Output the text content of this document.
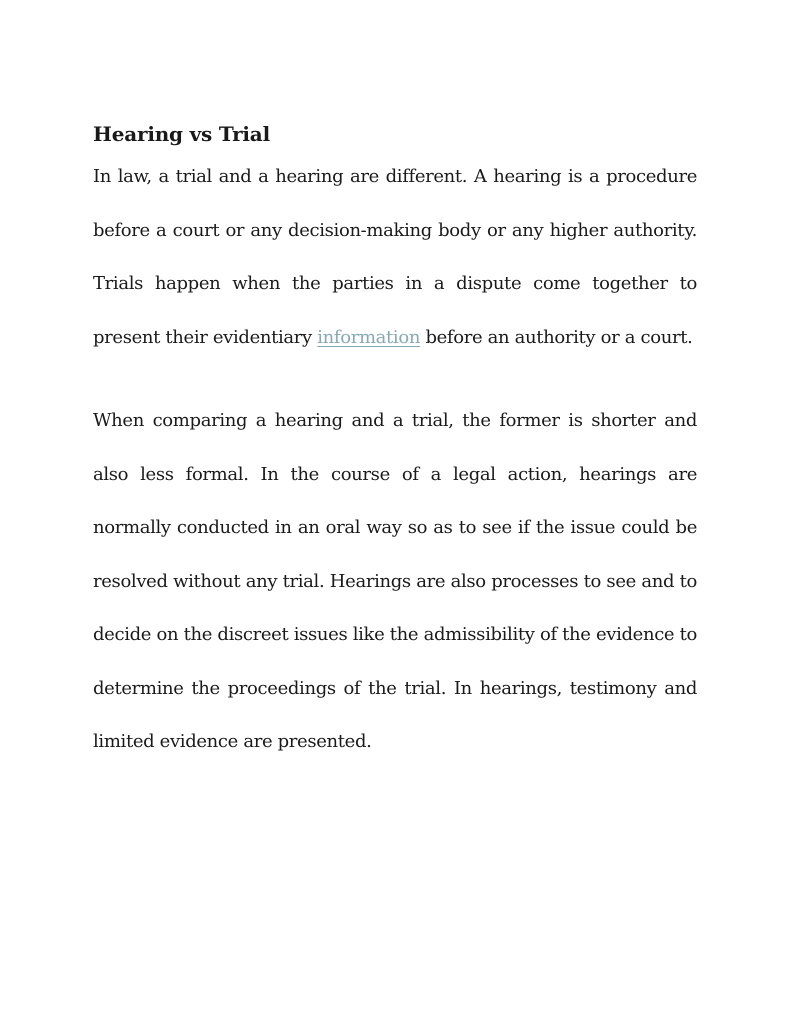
Hearing vs Trial

In law, a trial and a hearing are different. A hearing is a procedure before a court or any decision-making body or any higher authority. Trials happen when the parties in a dispute come together to present their evidentiary information before an authority or a court.

When comparing a hearing and a trial, the former is shorter and also less formal. In the course of a legal action, hearings are normally conducted in an oral way so as to see if the issue could be resolved without any trial. Hearings are also processes to see and to decide on the discreet issues like the admissibility of the evidence to determine the proceedings of the trial. In hearings, testimony and limited evidence are presented.
